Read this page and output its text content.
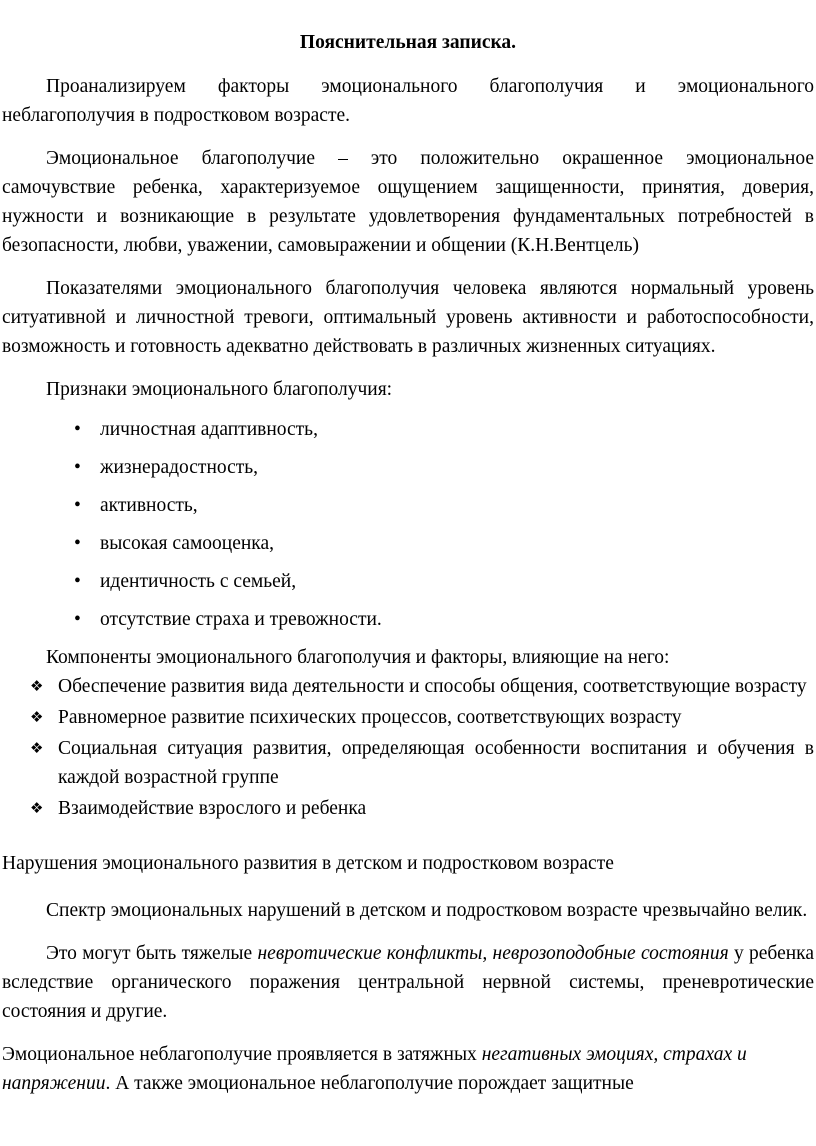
Пояснительная записка.

Проанализируем факторы эмоционального благополучия и эмоционального неблагополучия в подростковом возрасте.

Эмоциональное благополучие – это положительно окрашенное эмоциональное самочувствие ребенка, характеризуемое ощущением защищенности, принятия, доверия, нужности и возникающие в результате удовлетворения фундаментальных потребностей в безопасности, любви, уважении, самовыражении и общении (К.Н.Вентцель)

Показателями эмоционального благополучия человека являются нормальный уровень ситуативной и личностной тревоги, оптимальный уровень активности и работоспособности, возможность и готовность адекватно действовать в различных жизненных ситуациях.

Признаки эмоционального благополучия:

• личностная адаптивность,
• жизнерадостность,
• активность,
• высокая самооценка,
• идентичность с семьей,
• отсутствие страха и тревожности.

Компоненты эмоционального благополучия и факторы, влияющие на него:

❖ Обеспечение развития вида деятельности и способы общения, соответствующие возрасту
❖ Равномерное развитие психических процессов, соответствующих возрасту
❖ Социальная ситуация развития, определяющая особенности воспитания и обучения в каждой возрастной группе
❖ Взаимодействие взрослого и ребенка

Нарушения эмоционального развития в детском и подростковом возрасте

Спектр эмоциональных нарушений в детском и подростковом возрасте чрезвычайно велик.

Это могут быть тяжелые невротические конфликты, неврозоподобные состояния у ребенка вследствие органического поражения центральной нервной системы, преневротические состояния и другие.

Эмоциональное неблагополучие проявляется в затяжных негативных эмоциях, страхах и напряжении. А также эмоциональное неблагополучие порождает защитные
